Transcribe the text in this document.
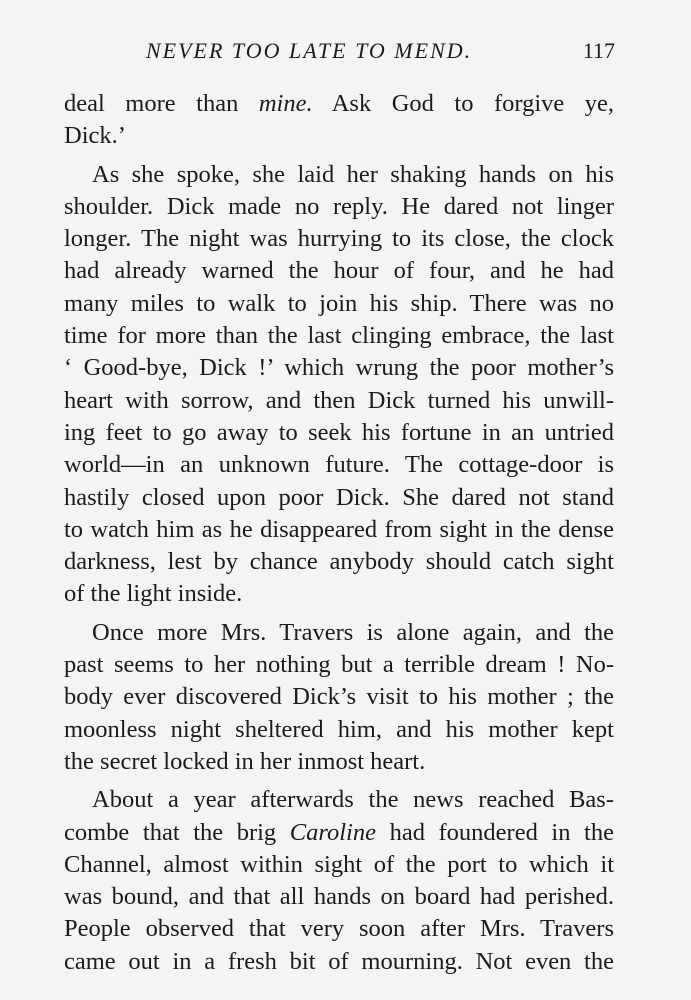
NEVER TOO LATE TO MEND.	117
deal more than mine. Ask God to forgive ye,
Dick.’
As she spoke, she laid her shaking hands on his
shoulder. Dick made no reply. He dared not linger
longer. The night was hurrying to its close, the clock
had already warned the hour of four, and he had
many miles to walk to join his ship. There was no
time for more than the last clinging embrace, the last
‘ Good-bye, Dick !’ which wrung the poor mother’s
heart with sorrow, and then Dick turned his unwill-
ing feet to go away to seek his fortune in an untried
world—in an unknown future. The cottage-door is
hastily closed upon poor Dick. She dared not stand
to watch him as he disappeared from sight in the dense
darkness, lest by chance anybody should catch sight
of the light inside.
Once more Mrs. Travers is alone again, and the
past seems to her nothing but a terrible dream ! No-
body ever discovered Dick’s visit to his mother ; the
moonless night sheltered him, and his mother kept
the secret locked in her inmost heart.
About a year afterwards the news reached Bas-
combe that the brig Caroline had foundered in the
Channel, almost within sight of the port to which it
was bound, and that all hands on board had perished.
People observed that very soon after Mrs. Travers
came out in a fresh bit of mourning. Not even the
